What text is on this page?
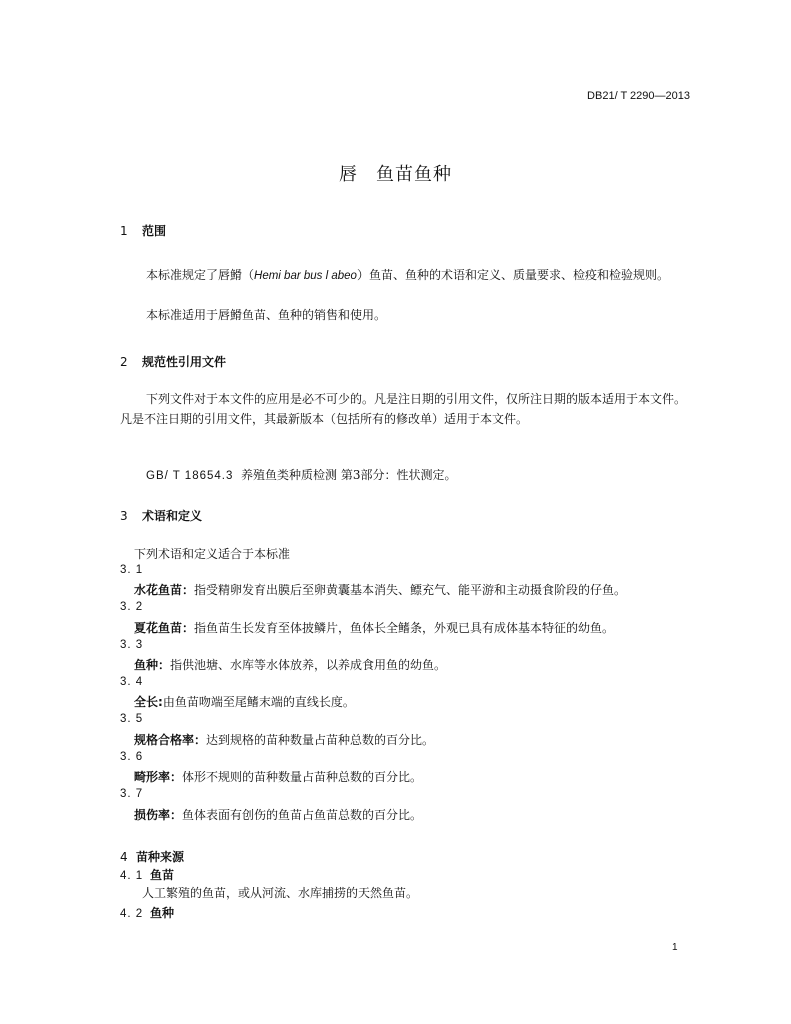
DB21/ T 2290—2013
唇 鱼苗鱼种
1 范围
本标准规定了唇䱻（Hemi bar bus l abeo）鱼苗、鱼种的术语和定义、质量要求、检疫和检验规则。
本标准适用于唇䱻鱼苗、鱼种的销售和使用。
2 规范性引用文件
下列文件对于本文件的应用是必不可少的。凡是注日期的引用文件，仅所注日期的版本适用于本文件。凡是不注日期的引用文件，其最新版本（包括所有的修改单）适用于本文件。
GB/ T 18654.3 养殖鱼类种质检测 第3部分：性状测定。
3 术语和定义
下列术语和定义适合于本标准
3. 1
水花鱼苗：指受精卵发育出膜后至卵黄囊基本消失、鳔充气、能平游和主动摄食阶段的仔鱼。
3. 2
夏花鱼苗：指鱼苗生长发育至体披鳞片，鱼体长全鳍条，外观已具有成体基本特征的幼鱼。
3. 3
鱼种：指供池塘、水库等水体放养，以养成食用鱼的幼鱼。
3. 4
全长:由鱼苗吻端至尾鳍末端的直线长度。
3. 5
规格合格率：达到规格的苗种数量占苗种总数的百分比。
3. 6
畸形率：体形不规则的苗种数量占苗种总数的百分比。
3. 7
损伤率：鱼体表面有创伤的鱼苗占鱼苗总数的百分比。
4 苗种来源
4. 1 鱼苗
人工繁殖的鱼苗，或从河流、水库捕捞的天然鱼苗。
4. 2 鱼种
1
